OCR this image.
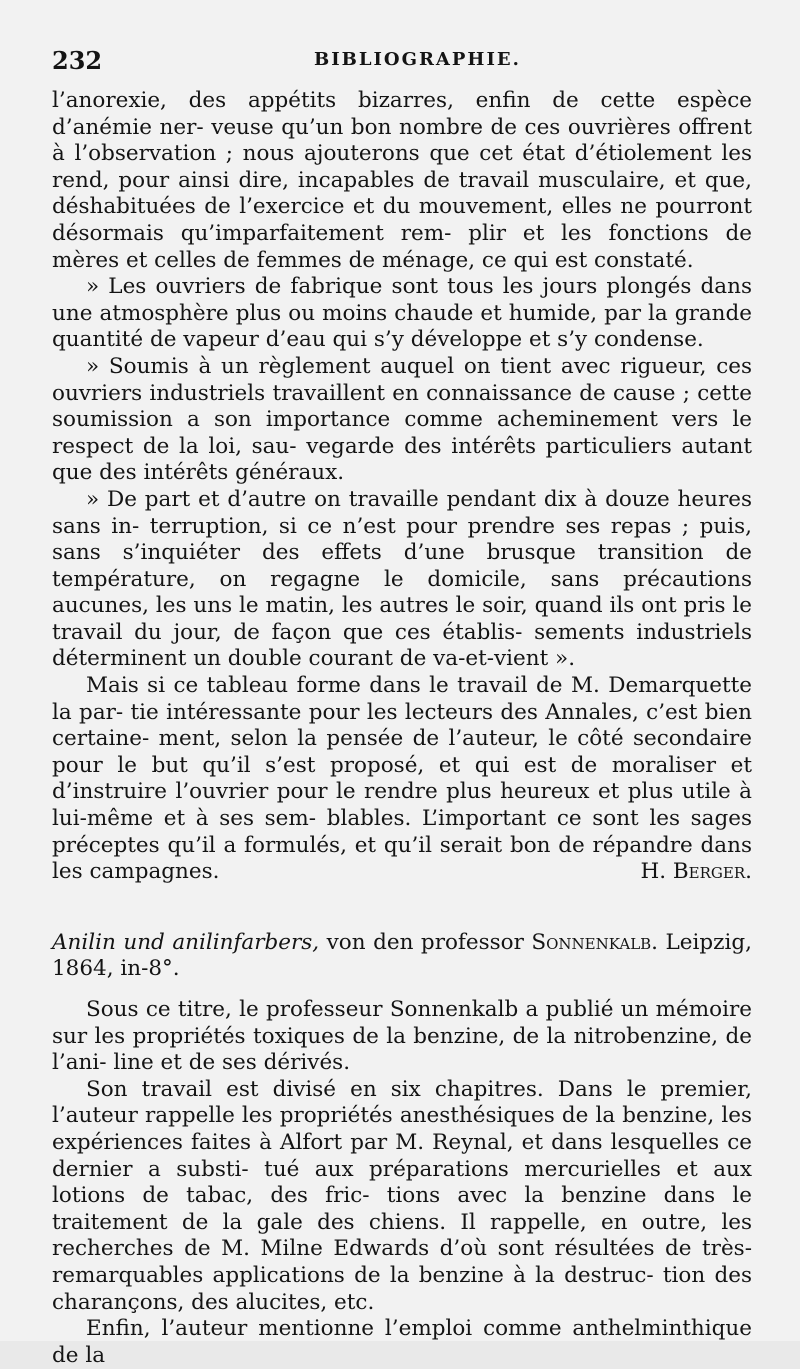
232	BIBLIOGRAPHIE.

l’anorexie, des appétits bizarres, enfin de cette espèce d’anémie ner- veuse qu’un bon nombre de ces ouvrières offrent à l’observation ; nous ajouterons que cet état d’étiolement les rend, pour ainsi dire, incapables de travail musculaire, et que, déshabituées de l’exercice et du mouvement, elles ne pourront désormais qu’imparfaitement rem- plir et les fonctions de mères et celles de femmes de ménage, ce qui est constaté.

» Les ouvriers de fabrique sont tous les jours plongés dans une atmosphère plus ou moins chaude et humide, par la grande quantité de vapeur d’eau qui s’y développe et s’y condense.

» Soumis à un règlement auquel on tient avec rigueur, ces ouvriers industriels travaillent en connaissance de cause ; cette soumission a son importance comme acheminement vers le respect de la loi, sau- vegarde des intérêts particuliers autant que des intérêts généraux.

» De part et d’autre on travaille pendant dix à douze heures sans in- terruption, si ce n’est pour prendre ses repas ; puis, sans s’inquiéter des effets d’une brusque transition de température, on regagne le domicile, sans précautions aucunes, les uns le matin, les autres le soir, quand ils ont pris le travail du jour, de façon que ces établis- sements industriels déterminent un double courant de va-et-vient ».

Mais si ce tableau forme dans le travail de M. Demarquette la par- tie intéressante pour les lecteurs des Annales, c’est bien certaine- ment, selon la pensée de l’auteur, le côté secondaire pour le but qu’il s’est proposé, et qui est de moraliser et d’instruire l’ouvrier pour le rendre plus heureux et plus utile à lui-même et à ses sem- blables. L’important ce sont les sages préceptes qu’il a formulés, et qu’il serait bon de répandre dans les campagnes.	H. Berger.

Anilin und anilinfarbers, von den professor Sonnenkalb. Leipzig, 1864, in-8°.

Sous ce titre, le professeur Sonnenkalb a publié un mémoire sur les propriétés toxiques de la benzine, de la nitrobenzine, de l’ani- line et de ses dérivés.

Son travail est divisé en six chapitres. Dans le premier, l’auteur rappelle les propriétés anesthésiques de la benzine, les expériences faites à Alfort par M. Reynal, et dans lesquelles ce dernier a substi- tué aux préparations mercurielles et aux lotions de tabac, des fric- tions avec la benzine dans le traitement de la gale des chiens. Il rappelle, en outre, les recherches de M. Milne Edwards d’où sont résultées de très-remarquables applications de la benzine à la destruc- tion des charançons, des alucites, etc.

Enfin, l’auteur mentionne l’emploi comme anthelminthique de la
